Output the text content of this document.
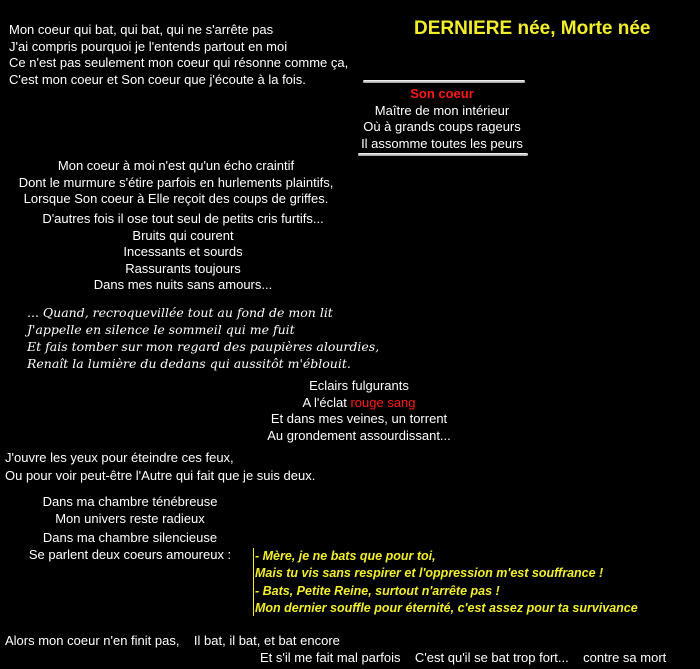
DERNIERE née, Morte née
Mon coeur qui bat, qui bat, qui ne s'arrête pas
J'ai compris pourquoi je l'entends partout en moi
Ce n'est pas seulement mon coeur qui résonne comme ça,
C'est mon coeur et Son coeur que j'écoute à la fois.
Son coeur
Maître de mon intérieur
Où à grands coups rageurs
Il assomme toutes les peurs
Mon coeur à moi n'est qu'un écho craintif
Dont le murmure s'étire parfois en hurlements plaintifs,
Lorsque Son coeur à Elle reçoit des coups de griffes.
D'autres fois il ose tout seul de petits cris furtifs...
Bruits qui courent
Incessants et sourds
Rassurants toujours
Dans mes nuits sans amours...
... Quand, recroquevillée tout au fond de mon lit
J'appelle en silence le sommeil qui me fuit
Et fais tomber sur mon regard des paupières alourdies,
Renaît la lumière du dedans qui aussitôt m'éblouit.
Eclairs fulgurants
A l'éclat rouge sang
Et dans mes veines, un torrent
Au grondement assourdissant...
J'ouvre les yeux pour éteindre ces feux,
Ou pour voir peut-être l'Autre qui fait que je suis deux.
Dans ma chambre ténébreuse
Mon univers reste radieux
Dans ma chambre silencieuse
Se parlent deux coeurs amoureux :	- Mère, je ne bats que pour toi,
Mais tu vis sans respirer et l'oppression m'est souffrance !
- Bats, Petite Reine, surtout n'arrête pas !
Mon dernier souffle pour éternité, c'est assez pour ta survivance
Alors mon coeur n'en finit pas,    Il bat, il bat, et bat encore
Et s'il me fait mal parfois    C'est qu'il se bat trop fort...    contre sa mort
